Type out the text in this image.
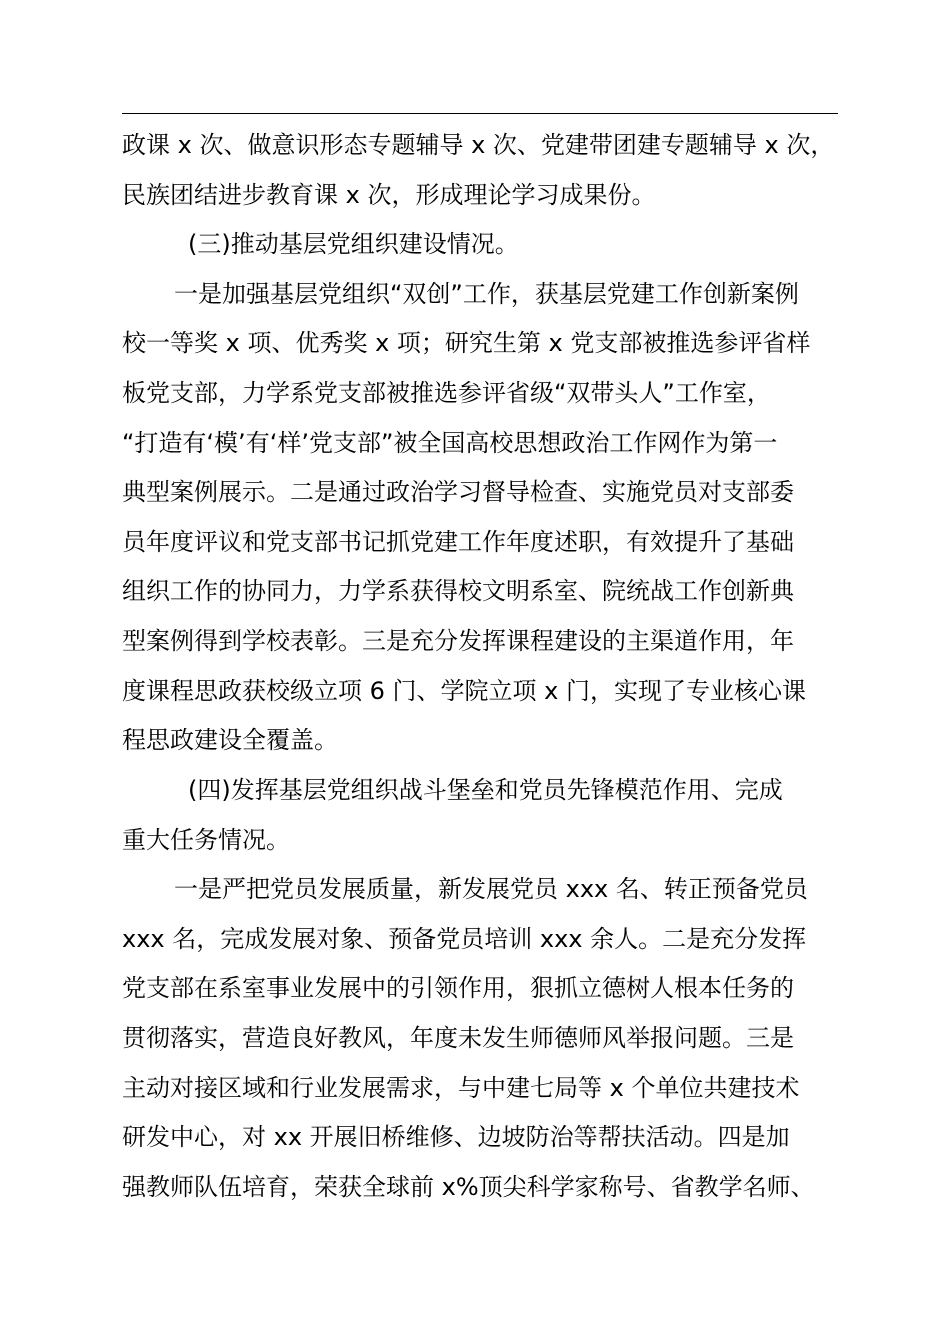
政课 x 次、做意识形态专题辅导 x 次、党建带团建专题辅导 x 次，
民族团结进步教育课 x 次，形成理论学习成果份。
(三)推动基层党组织建设情况。
一是加强基层党组织“双创”工作，获基层党建工作创新案例
校一等奖 x 项、优秀奖 x 项；研究生第 x 党支部被推选参评省样
板党支部，力学系党支部被推选参评省级“双带头人”工作室，
“打造有‘模’有‘样’党支部”被全国高校思想政治工作网作为第一
典型案例展示。二是通过政治学习督导检查、实施党员对支部委
员年度评议和党支部书记抓党建工作年度述职，有效提升了基础
组织工作的协同力，力学系获得校文明系室、院统战工作创新典
型案例得到学校表彰。三是充分发挥课程建设的主渠道作用，年
度课程思政获校级立项 6 门、学院立项 x 门，实现了专业核心课
程思政建设全覆盖。
(四)发挥基层党组织战斗堡垒和党员先锋模范作用、完成
重大任务情况。
一是严把党员发展质量，新发展党员 xxx 名、转正预备党员
xxx 名，完成发展对象、预备党员培训 xxx 余人。二是充分发挥
党支部在系室事业发展中的引领作用，狠抓立德树人根本任务的
贯彻落实，营造良好教风，年度未发生师德师风举报问题。三是
主动对接区域和行业发展需求，与中建七局等 x 个单位共建技术
研发中心，对 xx 开展旧桥维修、边坡防治等帮扶活动。四是加
强教师队伍培育，荣获全球前 x%顶尖科学家称号、省教学名师、
